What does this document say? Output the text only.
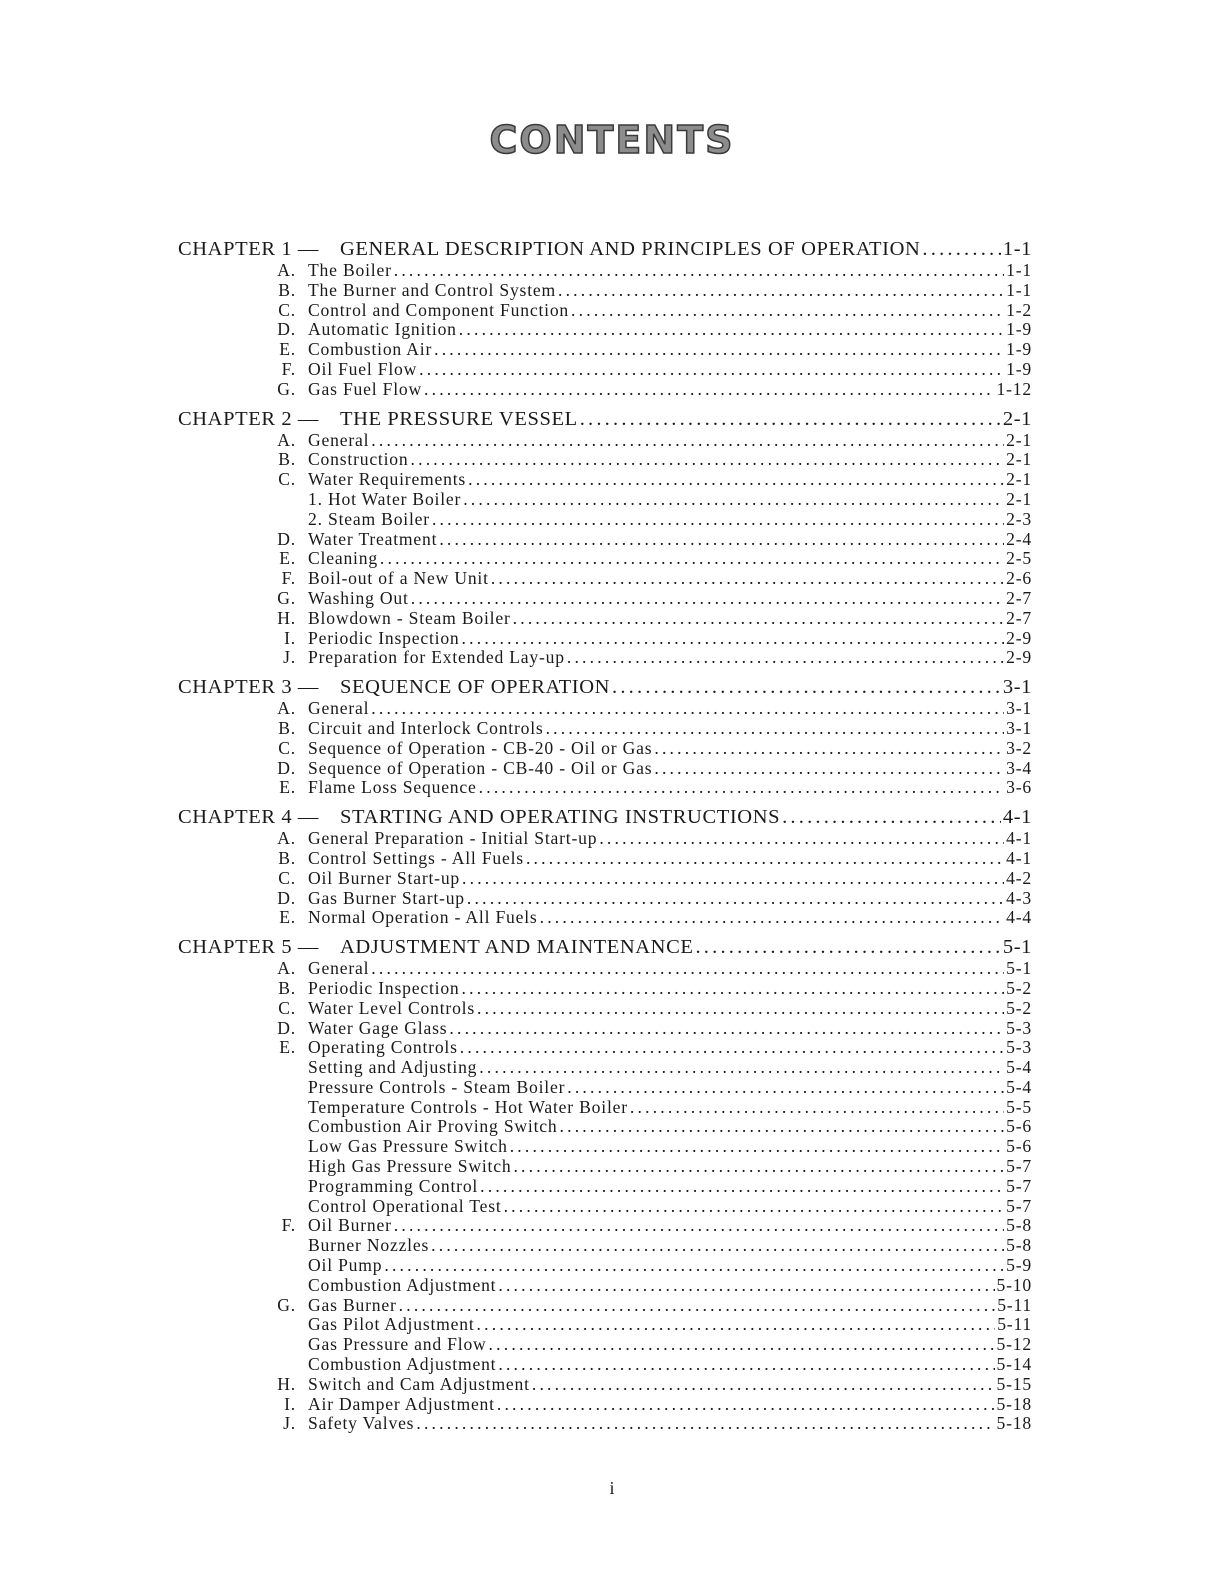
CONTENTS
CHAPTER 1 —	GENERAL DESCRIPTION AND PRINCIPLES OF OPERATION .....	1-1
A. The Boiler .....	1-1
B. The Burner and Control System .....	1-1
C. Control and Component Function .....	1-2
D. Automatic Ignition .....	1-9
E. Combustion Air .....	1-9
F. Oil Fuel Flow .....	1-9
G. Gas Fuel Flow .....	1-12
CHAPTER 2 —	THE PRESSURE VESSEL .....	2-1
A. General .....	2-1
B. Construction .....	2-1
C. Water Requirements .....	2-1
1. Hot Water Boiler .....	2-1
2. Steam Boiler .....	2-3
D. Water Treatment .....	2-4
E. Cleaning .....	2-5
F. Boil-out of a New Unit .....	2-6
G. Washing Out .....	2-7
H. Blowdown - Steam Boiler .....	2-7
I. Periodic Inspection .....	2-9
J. Preparation for Extended Lay-up .....	2-9
CHAPTER 3 —	SEQUENCE OF OPERATION .....	3-1
A. General .....	3-1
B. Circuit and Interlock Controls .....	3-1
C. Sequence of Operation - CB-20 - Oil or Gas .....	3-2
D. Sequence of Operation - CB-40 - Oil or Gas .....	3-4
E. Flame Loss Sequence .....	3-6
CHAPTER 4 —	STARTING AND OPERATING INSTRUCTIONS .....	4-1
A. General Preparation - Initial Start-up .....	4-1
B. Control Settings - All Fuels .....	4-1
C. Oil Burner Start-up .....	4-2
D. Gas Burner Start-up .....	4-3
E. Normal Operation - All Fuels .....	4-4
CHAPTER 5 —	ADJUSTMENT AND MAINTENANCE .....	5-1
A. General .....	5-1
B. Periodic Inspection .....	5-2
C. Water Level Controls .....	5-2
D. Water Gage Glass .....	5-3
E. Operating Controls .....	5-3
Setting and Adjusting .....	5-4
Pressure Controls - Steam Boiler .....	5-4
Temperature Controls - Hot Water Boiler .....	5-5
Combustion Air Proving Switch .....	5-6
Low Gas Pressure Switch .....	5-6
High Gas Pressure Switch .....	5-7
Programming Control .....	5-7
Control Operational Test .....	5-7
F. Oil Burner .....	5-8
Burner Nozzles .....	5-8
Oil Pump .....	5-9
Combustion Adjustment .....	5-10
G. Gas Burner .....	5-11
Gas Pilot Adjustment .....	5-11
Gas Pressure and Flow .....	5-12
Combustion Adjustment .....	5-14
H. Switch and Cam Adjustment .....	5-15
I. Air Damper Adjustment .....	5-18
J. Safety Valves .....	5-18
i
